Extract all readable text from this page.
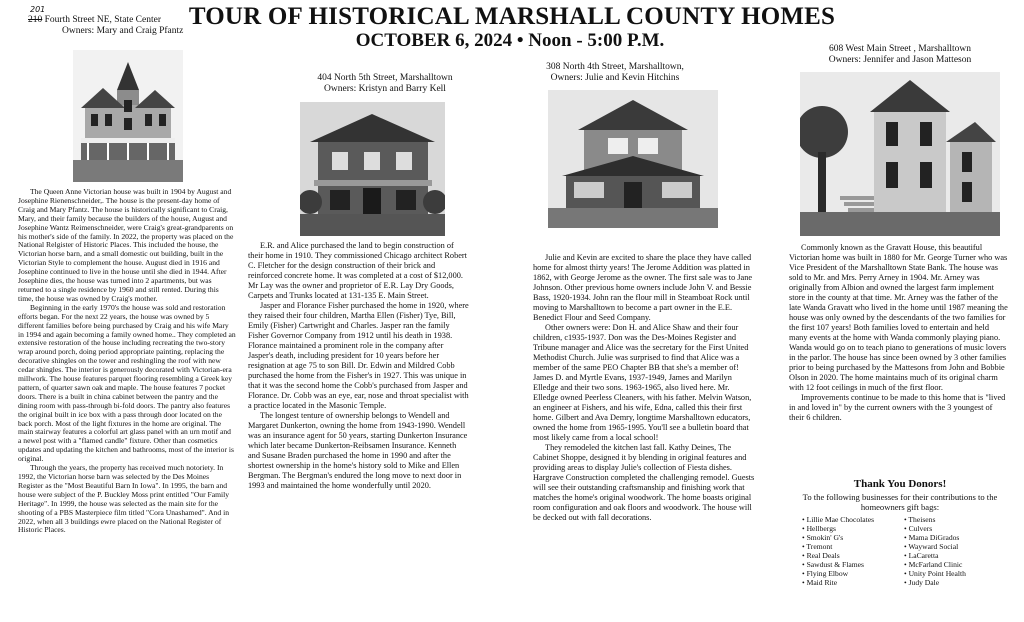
TOUR OF HISTORICAL MARSHALL COUNTY HOMES
OCTOBER 6, 2024 • Noon - 5:00 P.M.
201
210 Fourth Street NE, State Center
Owners: Mary and Craig Pfantz

The Queen Anne Victorian house was built in 1904 by August and Josephine Rienenschneider,. The house is the present-day home of Craig and Mary Pfantz. The house is historically significant to Craig, Mary, and their family because the builders of the house, August and Josephine Wantz Reimenschneider, were Craig's great-grandparents on his mother's side of the family. In 2022, the property was placed on the National Relgister of Historic Places. This included the house, the Victorian horse barn, and a small domestic out building, built in the Victorian Style to complement the house. August died in 1916 and Josephine continued to live in the house until she died in 1944. After Josephine dies, the house was turned into 2 apartments, but was returned to a single residence by 1960 and still rented. During this time, the house was owned by Craig's mother.

Beginning in the early 1970's the house was sold and restoration efforts began. For the next 22 years, the house was owned by 5 different families before being purchased by Craig and his wife Mary in 1994 and again becoming a family owned home.. They completed an extensive restoration of the house including recreating the two-story wrap around porch, doing period appropriate painting, replacing the decorative shingles on the tower and reshingling the roof with new cedar shingles. The interior is generously decorated with Victorian-era millwork. The house features parquet flooring resembling a Greek key pattern, of quarter sawn oak and maple. The house features 7 pocket doors. There is a built in china cabinet between the pantry and the dining room with pass-through bi-fold doors. The pantry also features the original built in ice box with a pass through door located on the back porch. Most of the light fixtures in the home are original. The main stairway features a colorful art glass panel with an urn motif and a newel post with a "flamed candle" fixture. Other than cosmetics updates and updating the kitchen and bathrooms, most of the interior is original.

Through the years, the property has received much notoriety. In 1992, the Victorian horse barn was selected by the Des Moines Register as the "Most Beautiful Barn In Iowa". In 1995, the barn and house were subject of the P. Buckley Moss print entitled "Our Family Heritage". In 1999, the house was selected as the main site for the shooting of a PBS Masterpiece film titled "Cora Unashamed". And in 2022, when all 3 buildings ewre placed on the National Register of Historic Places.

404 North 5th Street, Marshalltown
Owners: Kristyn and Barry Kell

E.R. and Alice purchased the land to begin construction of their home in 1910. They commissioned Chicago architect Robert C. Fletcher for the design construction of their brick and reinforced concrete home. It was completed at a cost of $12,000. Mr Lay was the owner and proprietor of E.R. Lay Dry Goods, Carpets and Trunks located at 131-135 E. Main Street.

Jasper and Florance Fisher purchased the home in 1920, where they raised their four children, Martha Ellen (Fisher) Tye, Bill, Emily (Fisher) Cartwright and Charles. Jasper ran the family Fisher Governor Company from 1912 until his death in 1938. Florance maintained a prominent role in the company after Jasper's death, including president for 10 years before her resignation at age 75 to son Bill. Dr. Edwin and Mildred Cobb purchased the home from the Fisher's in 1927. This was unique in that it was the second home the Cobb's purchased from Jasper and Florance. Dr. Cobb was an eye, ear, nose and throat specialist with a practice located in the Masonic Temple.

The longest tenture of ownership belongs to Wendell and Margaret Dunkerton, owning the home from 1943-1990. Wendell was an insurance agent for 50 years, starting Dunkerton Insurance which later became Dunkerton-Reibsamen Insurance. Kenneth and Susane Braden purchased the home in 1990 and after the shortest ownership in the home's history sold to Mike and Ellen Bergman. The Bergman's endured the long move to next door in 1993 and maintained the home wonderfully until 2020.

308 North 4th Street, Marshalltown,
Owners: Julie and Kevin Hitchins

Julie and Kevin are excited to share the place they have called home for almost thirty years! The Jerome Addition was platted in 1862, with George Jerome as the owner. The first sale was to Jane Johnson. Other previous home owners include John V. and Bessie Bass, 1920-1934. John ran the flour mill in Steamboat Rock until moving to Marshalltown to become a part owner in the E.E. Benedict Flour and Seed Company.

Other owners were: Don H. and Alice Shaw and their four children, c1935-1937. Don was the Des-Moines Register and Tribune manager and Alice was the secretary for the First United Methodist Church. Julie was surprised to find that Alice was a member of the same PEO Chapter BB that she's a member of! James D. and Myrtle Evans, 1937-1949, James and Marilyn Elledge and their two sons. 1963-1965, also lived here. Mr. Elledge owned Peerless Cleaners, with his father. Melvin Watson, an engineer at Fishers, and his wife, Edna, called this their first home. Gilbert and Ava Demry, longtime Marshalltown educators, owned the home from 1965-1995. You'll see a bulletin board that most likely came from a local school!

They remodeled the kitchen last fall. Kathy Deines, The Cabinet Shoppe, designed it by blending in original features and providing areas to display Julie's collection of Fiesta dishes. Hargrave Construction completed the challenging remodel. Guests will see their outstanding craftsmanship and finishing work that matches the home's original woodwork. The home boasts original room configuration and oak floors and woodwork. The house will be decked out with fall decorations.

608 West Main Street , Marshalltown
Owners: Jennifer and Jason Matteson

Commonly known as the Gravatt House, this beautiful Victorian home was built in 1880 for Mr. George Turner who was Vice President of the Marshalltown State Bank. The house was sold to Mr. and Mrs. Perry Arney in 1904. Mr. Arney was originally from Albion and owned the largest farm implement store in the county at that time. Mr. Arney was the father of the late Wanda Gravatt who lived in the home until 1987 meaning the house was only owned by the descendants of the two families for the first 107 years! Both families loved to entertain and held many events at the home with Wanda commonly playing piano. Wanda would go on to teach piano to generations of music lovers in the parlor. The house has since been owned by 3 other families prior to being purchased by the Mattesons from John and Bobbie Olson in 2020. The home maintains much of its original charm with 12 foot ceilings in much of the first floor.

Improvements continue to be made to this home that is "lived in and loved in" by the current owners with the 3 youngest of their 6 children.

Thank You Donors!
To the following businesses for their contributions to the homeowners gift bags:
• Lillie Mae Chocolates
• Hellbergs
• Smokin' G's
• Tremont
• Real Deals
• Sawdust & Flames
• Flying Elbow
• Maid Rite
• Theisens
• Culvers
• Mama DiGrados
• Wayward Social
• LaCaretta
• McFarland Clinic
• Unity Point Health
• Judy Dale
